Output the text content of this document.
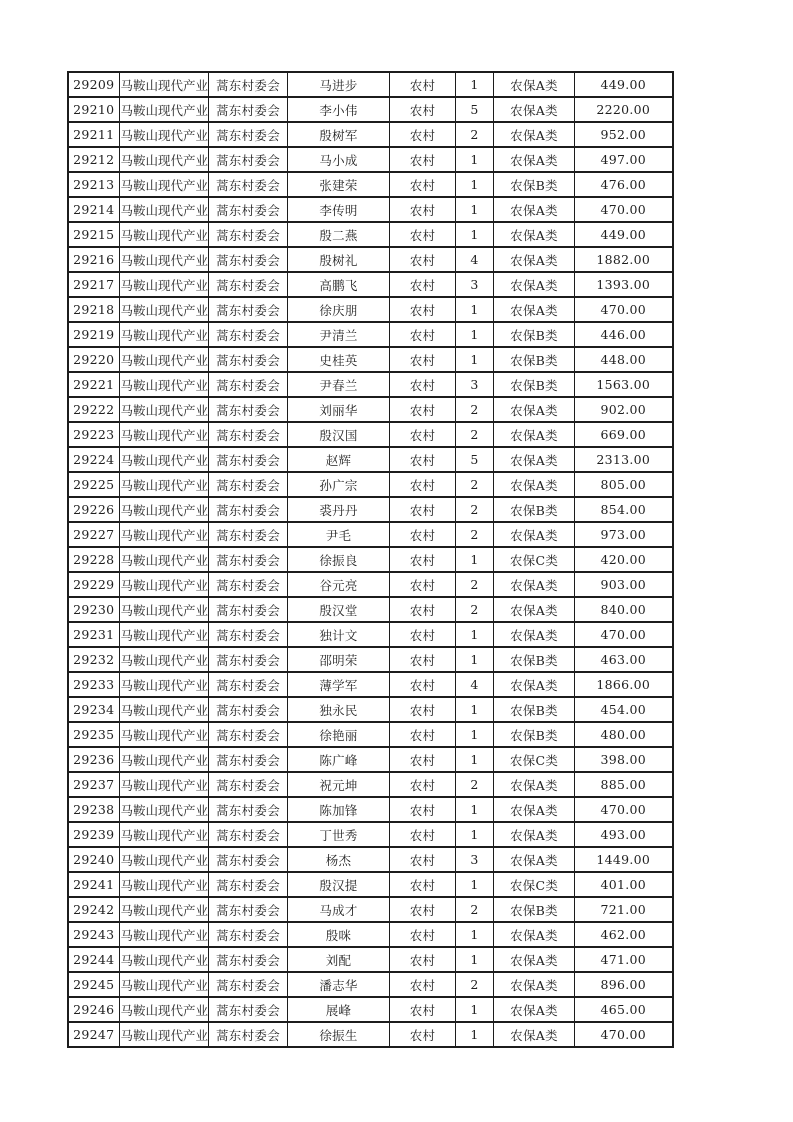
29209	马鞍山现代产业	蒿东村委会	马进步	农村	1	农保A类	449.00
29210	马鞍山现代产业	蒿东村委会	李小伟	农村	5	农保A类	2220.00
29211	马鞍山现代产业	蒿东村委会	殷树军	农村	2	农保A类	952.00
29212	马鞍山现代产业	蒿东村委会	马小成	农村	1	农保A类	497.00
29213	马鞍山现代产业	蒿东村委会	张建荣	农村	1	农保B类	476.00
29214	马鞍山现代产业	蒿东村委会	李传明	农村	1	农保A类	470.00
29215	马鞍山现代产业	蒿东村委会	殷二燕	农村	1	农保A类	449.00
29216	马鞍山现代产业	蒿东村委会	殷树礼	农村	4	农保A类	1882.00
29217	马鞍山现代产业	蒿东村委会	高鹏飞	农村	3	农保A类	1393.00
29218	马鞍山现代产业	蒿东村委会	徐庆朋	农村	1	农保A类	470.00
29219	马鞍山现代产业	蒿东村委会	尹清兰	农村	1	农保B类	446.00
29220	马鞍山现代产业	蒿东村委会	史桂英	农村	1	农保B类	448.00
29221	马鞍山现代产业	蒿东村委会	尹春兰	农村	3	农保B类	1563.00
29222	马鞍山现代产业	蒿东村委会	刘丽华	农村	2	农保A类	902.00
29223	马鞍山现代产业	蒿东村委会	殷汉国	农村	2	农保A类	669.00
29224	马鞍山现代产业	蒿东村委会	赵辉	农村	5	农保A类	2313.00
29225	马鞍山现代产业	蒿东村委会	孙广宗	农村	2	农保A类	805.00
29226	马鞍山现代产业	蒿东村委会	裘丹丹	农村	2	农保B类	854.00
29227	马鞍山现代产业	蒿东村委会	尹毛	农村	2	农保A类	973.00
29228	马鞍山现代产业	蒿东村委会	徐振良	农村	1	农保C类	420.00
29229	马鞍山现代产业	蒿东村委会	谷元亮	农村	2	农保A类	903.00
29230	马鞍山现代产业	蒿东村委会	殷汉堂	农村	2	农保A类	840.00
29231	马鞍山现代产业	蒿东村委会	独计文	农村	1	农保A类	470.00
29232	马鞍山现代产业	蒿东村委会	邵明荣	农村	1	农保B类	463.00
29233	马鞍山现代产业	蒿东村委会	薄学军	农村	4	农保A类	1866.00
29234	马鞍山现代产业	蒿东村委会	独永民	农村	1	农保B类	454.00
29235	马鞍山现代产业	蒿东村委会	徐艳丽	农村	1	农保B类	480.00
29236	马鞍山现代产业	蒿东村委会	陈广峰	农村	1	农保C类	398.00
29237	马鞍山现代产业	蒿东村委会	祝元坤	农村	2	农保A类	885.00
29238	马鞍山现代产业	蒿东村委会	陈加锋	农村	1	农保A类	470.00
29239	马鞍山现代产业	蒿东村委会	丁世秀	农村	1	农保A类	493.00
29240	马鞍山现代产业	蒿东村委会	杨杰	农村	3	农保A类	1449.00
29241	马鞍山现代产业	蒿东村委会	殷汉提	农村	1	农保C类	401.00
29242	马鞍山现代产业	蒿东村委会	马成才	农村	2	农保B类	721.00
29243	马鞍山现代产业	蒿东村委会	殷咪	农村	1	农保A类	462.00
29244	马鞍山现代产业	蒿东村委会	刘配	农村	1	农保A类	471.00
29245	马鞍山现代产业	蒿东村委会	潘志华	农村	2	农保A类	896.00
29246	马鞍山现代产业	蒿东村委会	展峰	农村	1	农保A类	465.00
29247	马鞍山现代产业	蒿东村委会	徐振生	农村	1	农保A类	470.00
